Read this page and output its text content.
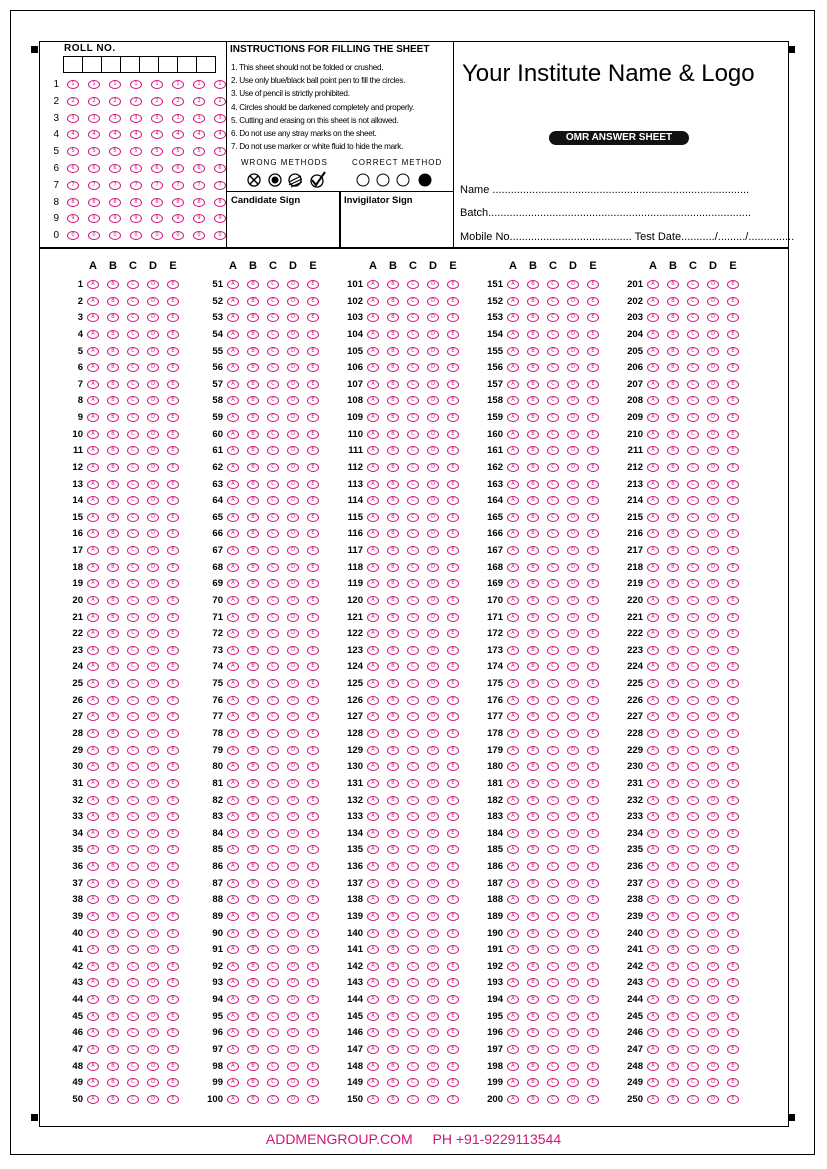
ROLL NO.
1	1	1	1	1	1	1	1	1
2	2	2	2	2	2	2	2	2
3	3	3	3	3	3	3	3	3
4	4	4	4	4	4	4	4	4
5	5	5	5	5	5	5	5	5
6	6	6	6	6	6	6	6	6
7	7	7	7	7	7	7	7	7
8	8	8	8	8	8	8	8	8
9	9	9	9	9	9	9	9	9
0	0	0	0	0	0	0	0	0
INSTRUCTIONS FOR FILLING THE SHEET
1. This sheet should not be folded or crushed.
2. Use only blue/black ball point pen to fill the circles.
3. Use of pencil is strictly prohibited.
4. Circles should be darkened completely and properly.
5. Cutting and erasing on this sheet is not allowed.
6. Do not use any stray marks on the sheet.
7. Do not use marker or white fluid to hide the mark.
WRONG METHODS	CORRECT METHOD
Candidate Sign	Invigilator Sign
Your Institute Name & Logo
OMR ANSWER SHEET
Name ....................................................................................
Batch......................................................................................
Mobile No........................................ Test Date.........../........./...............
A B C D E
1	A	B	C	D	E
2	A	B	C	D	E
3	A	B	C	D	E
4	A	B	C	D	E
5	A	B	C	D	E
6	A	B	C	D	E
7	A	B	C	D	E
8	A	B	C	D	E
9	A	B	C	D	E
10	A	B	C	D	E
11	A	B	C	D	E
12	A	B	C	D	E
13	A	B	C	D	E
14	A	B	C	D	E
15	A	B	C	D	E
16	A	B	C	D	E
17	A	B	C	D	E
18	A	B	C	D	E
19	A	B	C	D	E
20	A	B	C	D	E
21	A	B	C	D	E
22	A	B	C	D	E
23	A	B	C	D	E
24	A	B	C	D	E
25	A	B	C	D	E
26	A	B	C	D	E
27	A	B	C	D	E
28	A	B	C	D	E
29	A	B	C	D	E
30	A	B	C	D	E
31	A	B	C	D	E
32	A	B	C	D	E
33	A	B	C	D	E
34	A	B	C	D	E
35	A	B	C	D	E
36	A	B	C	D	E
37	A	B	C	D	E
38	A	B	C	D	E
39	A	B	C	D	E
40	A	B	C	D	E
41	A	B	C	D	E
42	A	B	C	D	E
43	A	B	C	D	E
44	A	B	C	D	E
45	A	B	C	D	E
46	A	B	C	D	E
47	A	B	C	D	E
48	A	B	C	D	E
49	A	B	C	D	E
50	A	B	C	D	E
A B C D E
51	A	B	C	D	E
52	A	B	C	D	E
53	A	B	C	D	E
54	A	B	C	D	E
55	A	B	C	D	E
56	A	B	C	D	E
57	A	B	C	D	E
58	A	B	C	D	E
59	A	B	C	D	E
60	A	B	C	D	E
61	A	B	C	D	E
62	A	B	C	D	E
63	A	B	C	D	E
64	A	B	C	D	E
65	A	B	C	D	E
66	A	B	C	D	E
67	A	B	C	D	E
68	A	B	C	D	E
69	A	B	C	D	E
70	A	B	C	D	E
71	A	B	C	D	E
72	A	B	C	D	E
73	A	B	C	D	E
74	A	B	C	D	E
75	A	B	C	D	E
76	A	B	C	D	E
77	A	B	C	D	E
78	A	B	C	D	E
79	A	B	C	D	E
80	A	B	C	D	E
81	A	B	C	D	E
82	A	B	C	D	E
83	A	B	C	D	E
84	A	B	C	D	E
85	A	B	C	D	E
86	A	B	C	D	E
87	A	B	C	D	E
88	A	B	C	D	E
89	A	B	C	D	E
90	A	B	C	D	E
91	A	B	C	D	E
92	A	B	C	D	E
93	A	B	C	D	E
94	A	B	C	D	E
95	A	B	C	D	E
96	A	B	C	D	E
97	A	B	C	D	E
98	A	B	C	D	E
99	A	B	C	D	E
100	A	B	C	D	E
A B C D E
101	A	B	C	D	E
102	A	B	C	D	E
103	A	B	C	D	E
104	A	B	C	D	E
105	A	B	C	D	E
106	A	B	C	D	E
107	A	B	C	D	E
108	A	B	C	D	E
109	A	B	C	D	E
110	A	B	C	D	E
111	A	B	C	D	E
112	A	B	C	D	E
113	A	B	C	D	E
114	A	B	C	D	E
115	A	B	C	D	E
116	A	B	C	D	E
117	A	B	C	D	E
118	A	B	C	D	E
119	A	B	C	D	E
120	A	B	C	D	E
121	A	B	C	D	E
122	A	B	C	D	E
123	A	B	C	D	E
124	A	B	C	D	E
125	A	B	C	D	E
126	A	B	C	D	E
127	A	B	C	D	E
128	A	B	C	D	E
129	A	B	C	D	E
130	A	B	C	D	E
131	A	B	C	D	E
132	A	B	C	D	E
133	A	B	C	D	E
134	A	B	C	D	E
135	A	B	C	D	E
136	A	B	C	D	E
137	A	B	C	D	E
138	A	B	C	D	E
139	A	B	C	D	E
140	A	B	C	D	E
141	A	B	C	D	E
142	A	B	C	D	E
143	A	B	C	D	E
144	A	B	C	D	E
145	A	B	C	D	E
146	A	B	C	D	E
147	A	B	C	D	E
148	A	B	C	D	E
149	A	B	C	D	E
150	A	B	C	D	E
A B C D E
151	A	B	C	D	E
152	A	B	C	D	E
153	A	B	C	D	E
154	A	B	C	D	E
155	A	B	C	D	E
156	A	B	C	D	E
157	A	B	C	D	E
158	A	B	C	D	E
159	A	B	C	D	E
160	A	B	C	D	E
161	A	B	C	D	E
162	A	B	C	D	E
163	A	B	C	D	E
164	A	B	C	D	E
165	A	B	C	D	E
166	A	B	C	D	E
167	A	B	C	D	E
168	A	B	C	D	E
169	A	B	C	D	E
170	A	B	C	D	E
171	A	B	C	D	E
172	A	B	C	D	E
173	A	B	C	D	E
174	A	B	C	D	E
175	A	B	C	D	E
176	A	B	C	D	E
177	A	B	C	D	E
178	A	B	C	D	E
179	A	B	C	D	E
180	A	B	C	D	E
181	A	B	C	D	E
182	A	B	C	D	E
183	A	B	C	D	E
184	A	B	C	D	E
185	A	B	C	D	E
186	A	B	C	D	E
187	A	B	C	D	E
188	A	B	C	D	E
189	A	B	C	D	E
190	A	B	C	D	E
191	A	B	C	D	E
192	A	B	C	D	E
193	A	B	C	D	E
194	A	B	C	D	E
195	A	B	C	D	E
196	A	B	C	D	E
197	A	B	C	D	E
198	A	B	C	D	E
199	A	B	C	D	E
200	A	B	C	D	E
A B C D E
201	A	B	C	D	E
202	A	B	C	D	E
203	A	B	C	D	E
204	A	B	C	D	E
205	A	B	C	D	E
206	A	B	C	D	E
207	A	B	C	D	E
208	A	B	C	D	E
209	A	B	C	D	E
210	A	B	C	D	E
211	A	B	C	D	E
212	A	B	C	D	E
213	A	B	C	D	E
214	A	B	C	D	E
215	A	B	C	D	E
216	A	B	C	D	E
217	A	B	C	D	E
218	A	B	C	D	E
219	A	B	C	D	E
220	A	B	C	D	E
221	A	B	C	D	E
222	A	B	C	D	E
223	A	B	C	D	E
224	A	B	C	D	E
225	A	B	C	D	E
226	A	B	C	D	E
227	A	B	C	D	E
228	A	B	C	D	E
229	A	B	C	D	E
230	A	B	C	D	E
231	A	B	C	D	E
232	A	B	C	D	E
233	A	B	C	D	E
234	A	B	C	D	E
235	A	B	C	D	E
236	A	B	C	D	E
237	A	B	C	D	E
238	A	B	C	D	E
239	A	B	C	D	E
240	A	B	C	D	E
241	A	B	C	D	E
242	A	B	C	D	E
243	A	B	C	D	E
244	A	B	C	D	E
245	A	B	C	D	E
246	A	B	C	D	E
247	A	B	C	D	E
248	A	B	C	D	E
249	A	B	C	D	E
250	A	B	C	D	E
ADDMENGROUP.COM PH +91-9229113544
